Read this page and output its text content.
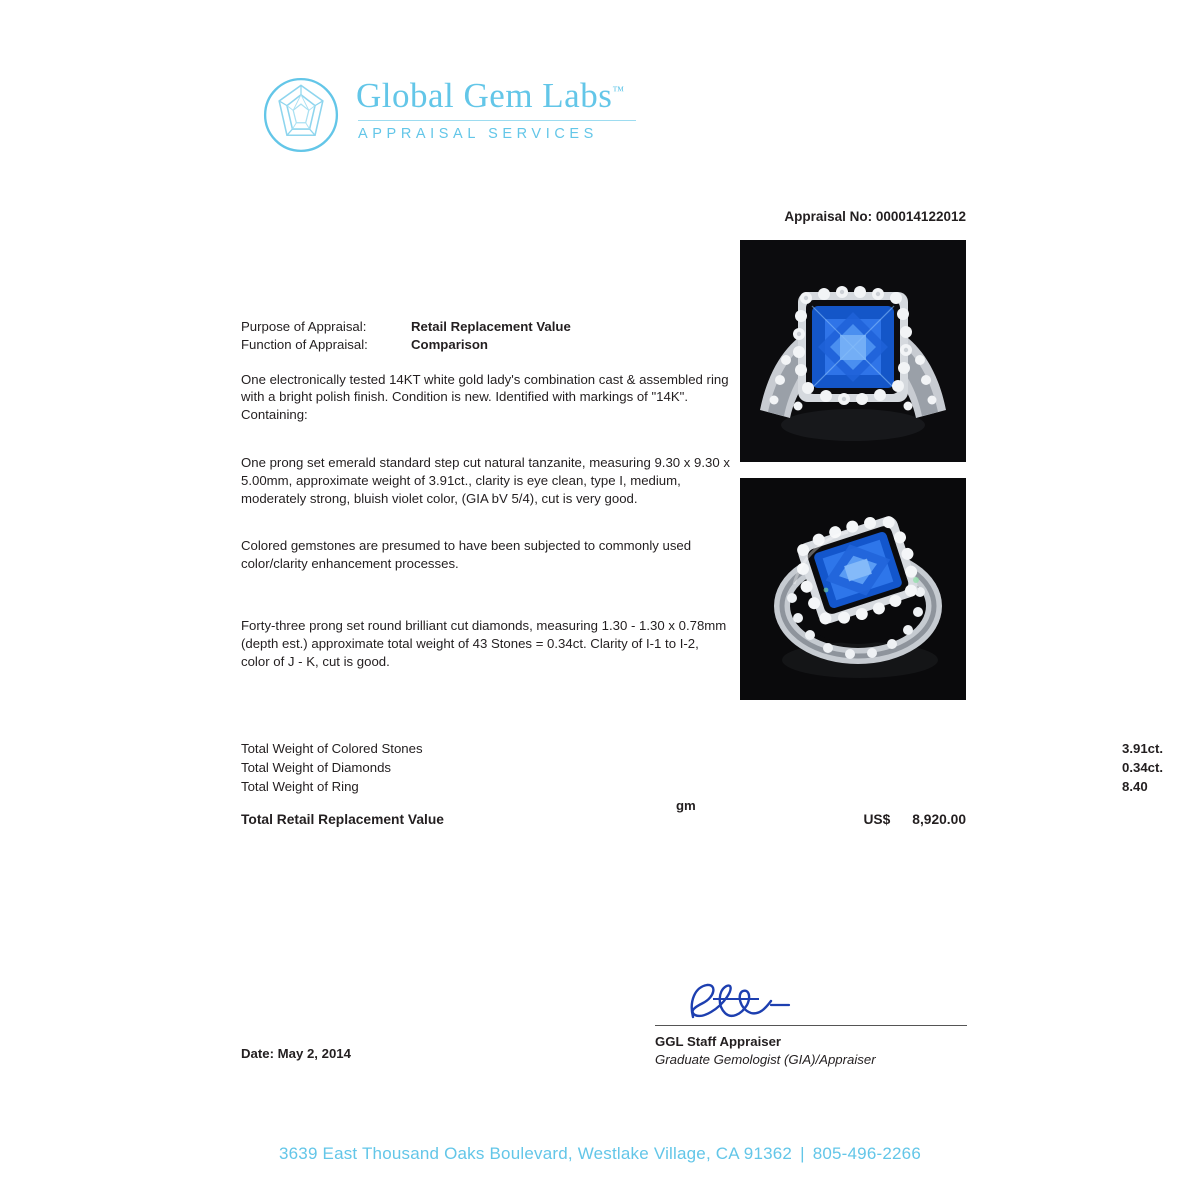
Global Gem Labs™
APPRAISAL SERVICES
Appraisal No: 000014122012
Purpose of Appraisal:	Retail Replacement Value
Function of Appraisal:	Comparison
One electronically tested 14KT white gold lady's combination cast & assembled ring with a bright polish finish. Condition is new. Identified with markings of "14K". Containing:
One prong set emerald standard step cut natural tanzanite, measuring 9.30 x 9.30 x 5.00mm, approximate weight of 3.91ct., clarity is eye clean, type I, medium, moderately strong, bluish violet color, (GIA bV 5/4), cut is very good.
Colored gemstones are presumed to have been subjected to commonly used color/clarity enhancement processes.
Forty-three prong set round brilliant cut diamonds, measuring 1.30 - 1.30 x 0.78mm (depth est.) approximate total weight of 43 Stones = 0.34ct. Clarity of I-1 to I-2, color of J - K, cut is good.
Total Weight of Colored Stones	3.91ct.
Total Weight of Diamonds	0.34ct.
Total Weight of Ring	8.40 gm
Total Retail Replacement Value	US$ 8,920.00
GGL Staff Appraiser
Graduate Gemologist (GIA)/Appraiser
Date: May 2, 2014
3639 East Thousand Oaks Boulevard, Westlake Village, CA 91362 | 805-496-2266
